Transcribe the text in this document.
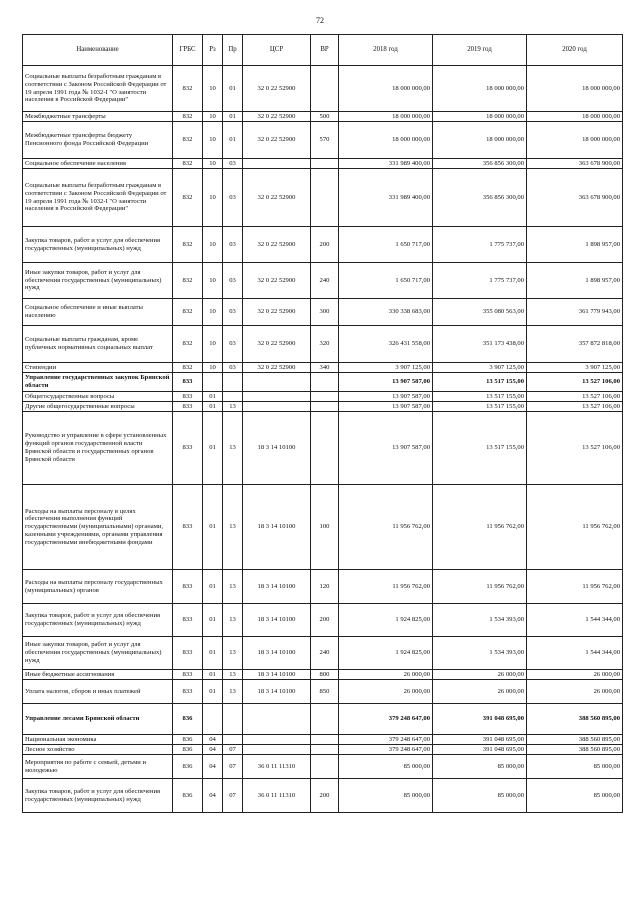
72
Наименование	ГРБС	Рз	Пр	ЦСР	ВР	2018 год	2019 год	2020 год
Социальные выплаты безработным гражданам в соответствии с Законом Российской Федерации от 19 апреля 1991 года № 1032-I "О занятости населения в Российской Федерации"	832	10	01	32 0 22 52900		18 000 000,00	18 000 000,00	18 000 000,00
Межбюджетные трансферты	832	10	01	32 0 22 52900	500	18 000 000,00	18 000 000,00	18 000 000,00
Межбюджетные трансферты бюджету Пенсионного фонда Российской Федерации	832	10	01	32 0 22 52900	570	18 000 000,00	18 000 000,00	18 000 000,00
Социальное обеспечение населения	832	10	03			331 989 400,00	356 856 300,00	363 678 900,00
Социальные выплаты безработным гражданам в соответствии с Законом Российской Федерации от 19 апреля 1991 года № 1032-I "О занятости населения в Российской Федерации"	832	10	03	32 0 22 52900		331 989 400,00	356 856 300,00	363 678 900,00
Закупка товаров, работ и услуг для обеспечения государственных (муниципальных) нужд	832	10	03	32 0 22 52900	200	1 650 717,00	1 775 737,00	1 898 957,00
Иные закупки товаров, работ и услуг для обеспечения государственных (муниципальных) нужд	832	10	03	32 0 22 52900	240	1 650 717,00	1 775 737,00	1 898 957,00
Социальное обеспечение и иные выплаты населению	832	10	03	32 0 22 52900	300	330 338 683,00	355 080 563,00	361 779 943,00
Социальные выплаты гражданам, кроме публичных нормативных социальных выплат	832	10	03	32 0 22 52900	320	326 431 558,00	351 173 438,00	357 872 818,00
Стипендии	832	10	03	32 0 22 52900	340	3 907 125,00	3 907 125,00	3 907 125,00
Управление государственных закупок Брянской области	833					13 907 587,00	13 517 155,00	13 527 106,00
Общегосударственные вопросы	833	01				13 907 587,00	13 517 155,00	13 527 106,00
Другие общегосударственные вопросы	833	01	13			13 907 587,00	13 517 155,00	13 527 106,00
Руководство и управление в сфере установленных функций органов государственной власти Брянской области и государственных органов Брянской области	833	01	13	18 3 14 10100		13 907 587,00	13 517 155,00	13 527 106,00
Расходы на выплаты персоналу в целях обеспечения выполнения функций государственными (муниципальными) органами, казенными учреждениями, органами управления государственными внебюджетными фондами	833	01	13	18 3 14 10100	100	11 956 762,00	11 956 762,00	11 956 762,00
Расходы на выплаты персоналу государственных (муниципальных) органов	833	01	13	18 3 14 10100	120	11 956 762,00	11 956 762,00	11 956 762,00
Закупка товаров, работ и услуг для обеспечения государственных (муниципальных) нужд	833	01	13	18 3 14 10100	200	1 924 825,00	1 534 393,00	1 544 344,00
Иные закупки товаров, работ и услуг для обеспечения государственных (муниципальных) нужд	833	01	13	18 3 14 10100	240	1 924 825,00	1 534 393,00	1 544 344,00
Иные бюджетные ассигнования	833	01	13	18 3 14 10100	800	26 000,00	26 000,00	26 000,00
Уплата налогов, сборов и иных платежей	833	01	13	18 3 14 10100	850	26 000,00	26 000,00	26 000,00
Управление лесами Брянской области	836					379 248 647,00	391 048 695,00	388 560 895,00
Национальная экономика	836	04				379 248 647,00	391 048 695,00	388 560 895,00
Лесное хозяйство	836	04	07			379 248 647,00	391 048 695,00	388 560 895,00
Мероприятия по работе с семьей, детьми и молодежью	836	04	07	36 0 11 11310		85 000,00	85 000,00	85 000,00
Закупка товаров, работ и услуг для обеспечения государственных (муниципальных) нужд	836	04	07	36 0 11 11310	200	85 000,00	85 000,00	85 000,00
